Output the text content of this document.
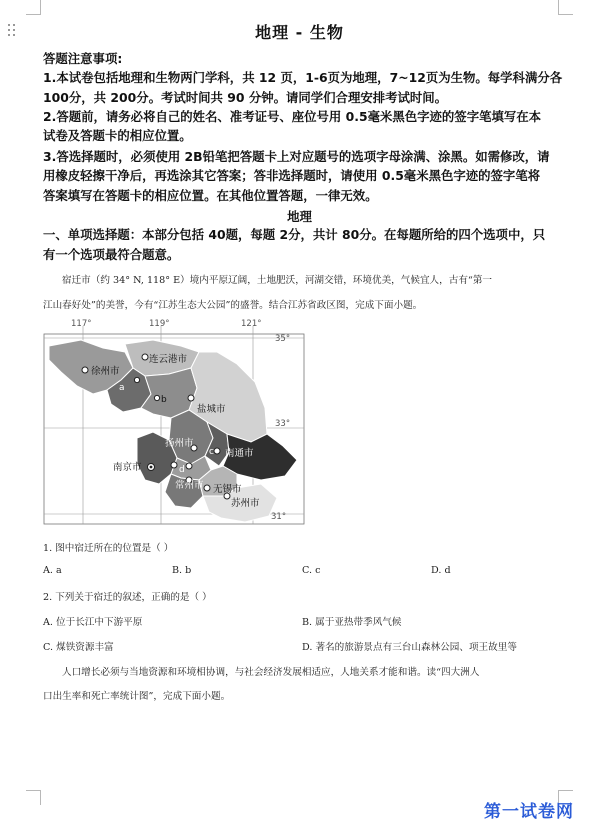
地理 - 生物
答题注意事项:
1.本试卷包括地理和生物两门学科，共 12 页，1-6页为地理，7~12页为生物。每学科满分各
100分，共 200分。考试时间共 90 分钟。请同学们合理安排考试时间。
2.答题前，请务必将自己的姓名、准考证号、座位号用 0.5毫米黑色字迹的签字笔填写在本
试卷及答题卡的相应位置。
3.答选择题时，必须使用 2B铅笔把答题卡上对应题号的选项字母涂满、涂黑。如需修改，请
用橡皮轻擦干净后，再选涂其它答案；答非选择题时，请使用 0.5毫米黑色字迹的签字笔将
答案填写在答题卡的相应位置。在其他位置答题，一律无效。
地理
一、单项选择题：本部分包括 40题，每题 2分，共计 80分。在每题所给的四个选项中，只
有一个选项最符合题意。
宿迁市（约 34° N, 118° E）境内平原辽阔，土地肥沃，河湖交错，环境优美，气候宜人，古有“第一
江山春好处”的美誉，今有“江苏生态大公园”的盛誉。结合江苏省政区图，完成下面小题。
117°	119°	121°
35°
33°
31°
徐州市
连云港市
盐城市
扬州市
南通市
南京市
常州市 无锡市
苏州市
a
b
c
d
1. 图中宿迁所在的位置是（ ）
A. a	B. b	C. c	D. d
2. 下列关于宿迁的叙述，正确的是（ ）
A. 位于长江中下游平原	B. 属于亚热带季风气候
C. 煤铁资源丰富	D. 著名的旅游景点有三台山森林公园、项王故里等
人口增长必须与当地资源和环境相协调，与社会经济发展相适应，人地关系才能和谐。读“四大洲人
口出生率和死亡率统计图”，完成下面小题。
第一试卷网
